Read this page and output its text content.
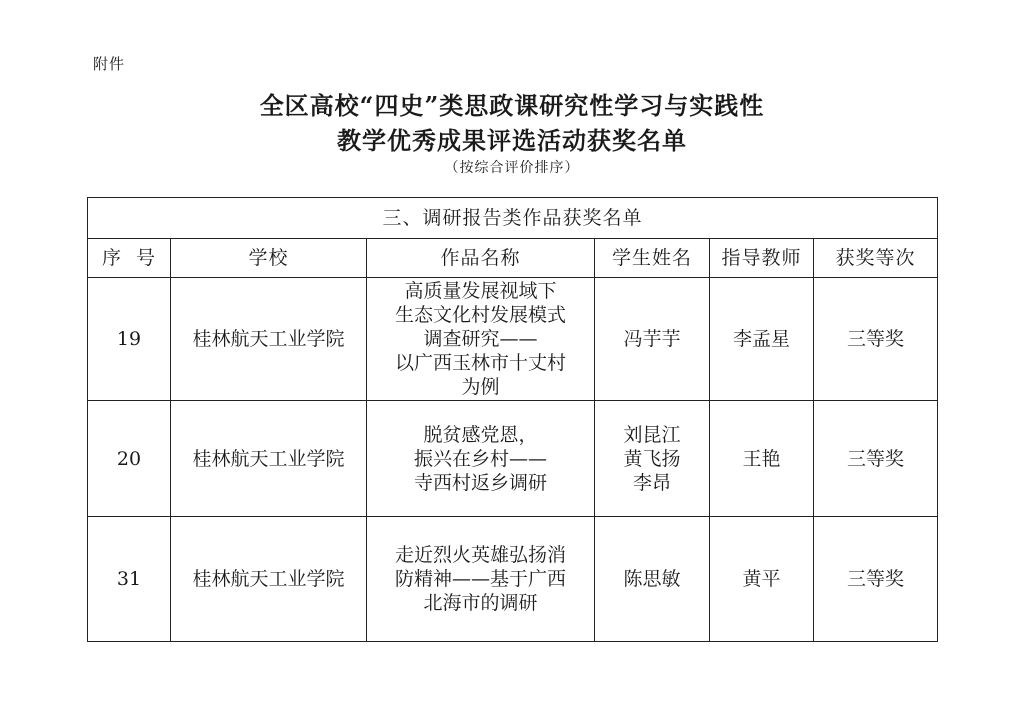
附件
全区高校“四史”类思政课研究性学习与实践性
教学优秀成果评选活动获奖名单
（按综合评价排序）
三、调研报告类作品获奖名单					
序  号	学校	作品名称	学生姓名	指导教师	获奖等次
19	桂林航天工业学院	高质量发展视域下
生态文化村发展模式
调查研究——
以广西玉林市十丈村
为例	冯芋芋	李孟星	三等奖
20	桂林航天工业学院	脱贫感党恩，
振兴在乡村——
寺西村返乡调研	刘昆江
黄飞扬
李昂	王艳	三等奖
31	桂林航天工业学院	走近烈火英雄弘扬消
防精神——基于广西
北海市的调研	陈思敏	黄平	三等奖
